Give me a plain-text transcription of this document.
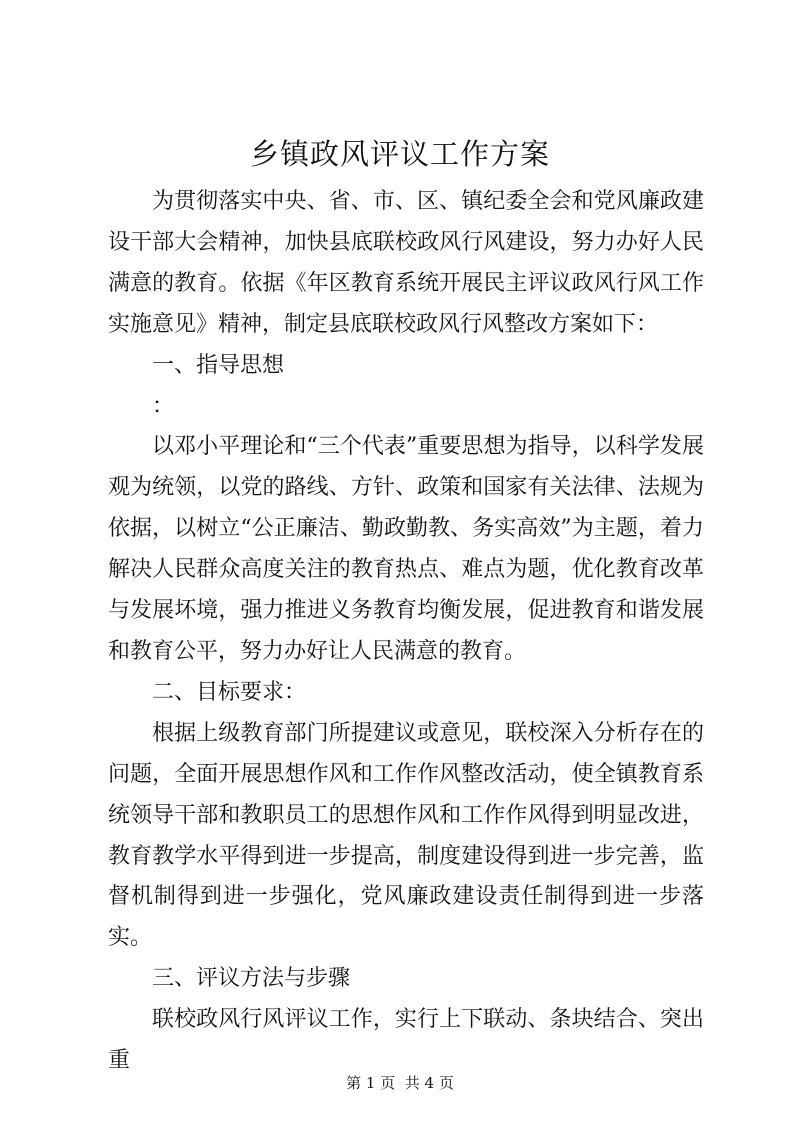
乡镇政风评议工作方案

为贯彻落实中央、省、市、区、镇纪委全会和党风廉政建设干部大会精神，加快县底联校政风行风建设，努力办好人民满意的教育。依据《年区教育系统开展民主评议政风行风工作实施意见》精神，制定县底联校政风行风整改方案如下：

一、指导思想

：

以邓小平理论和“三个代表”重要思想为指导，以科学发展观为统领，以党的路线、方针、政策和国家有关法律、法规为依据，以树立“公正廉洁、勤政勤教、务实高效”为主题，着力解决人民群众高度关注的教育热点、难点为题，优化教育改革与发展坏境，强力推进义务教育均衡发展，促进教育和谐发展和教育公平，努力办好让人民满意的教育。

二、目标要求：

根据上级教育部门所提建议或意见，联校深入分析存在的问题，全面开展思想作风和工作作风整改活动，使全镇教育系统领导干部和教职员工的思想作风和工作作风得到明显改进，教育教学水平得到进一步提高，制度建设得到进一步完善，监督机制得到进一步强化，党风廉政建设责任制得到进一步落实。

三、评议方法与步骤

联校政风行风评议工作，实行上下联动、条块结合、突出重

第 1 页  共 4 页
